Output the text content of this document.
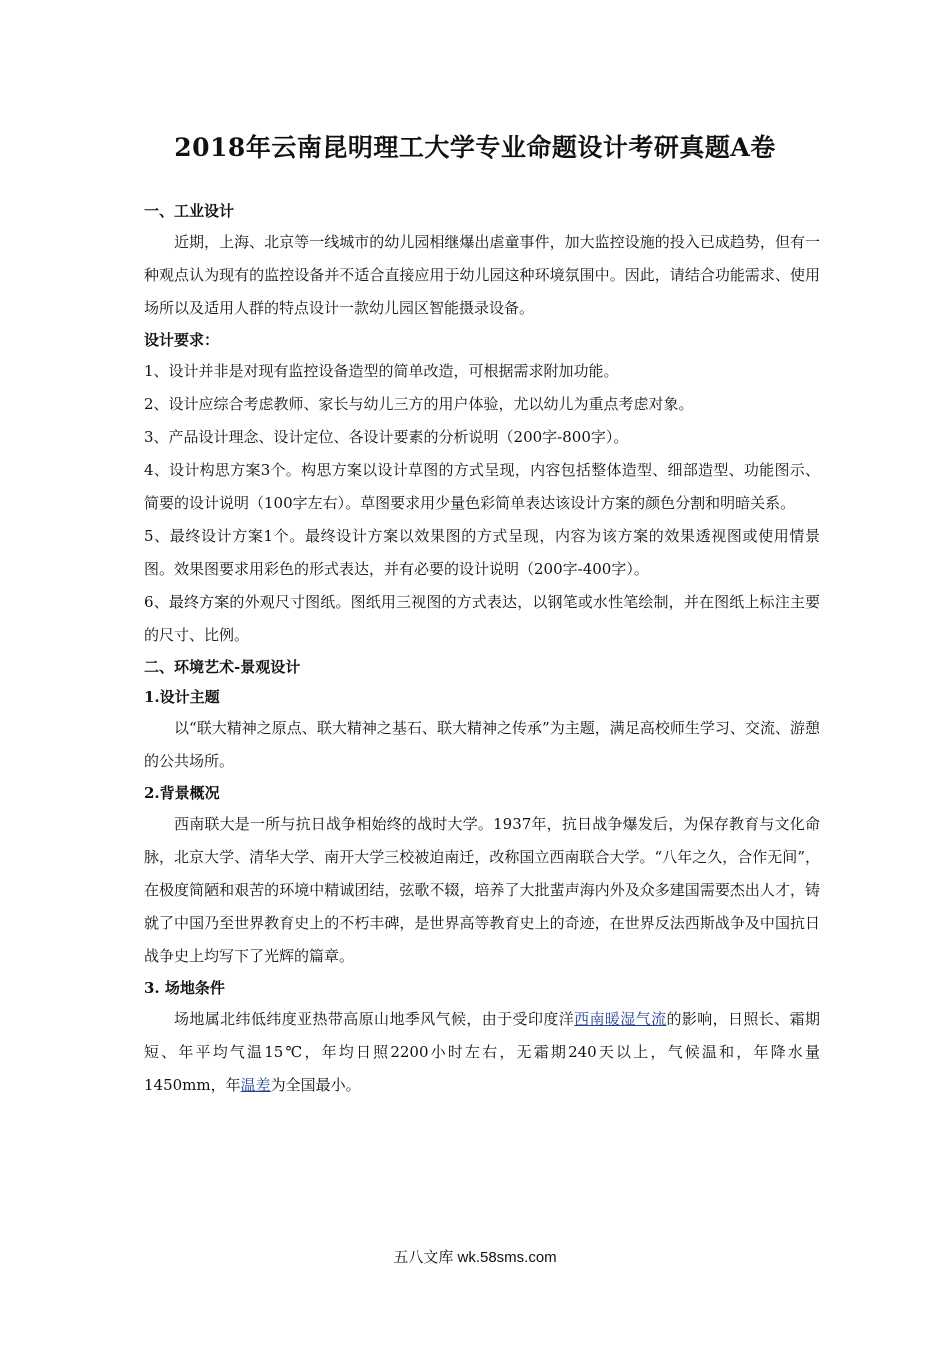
2018年云南昆明理工大学专业命题设计考研真题A卷

一、工业设计

近期，上海、北京等一线城市的幼儿园相继爆出虐童事件，加大监控设施的投入已成趋势，但有一种观点认为现有的监控设备并不适合直接应用于幼儿园这种环境氛围中。因此，请结合功能需求、使用场所以及适用人群的特点设计一款幼儿园区智能摄录设备。

设计要求：

1、设计并非是对现有监控设备造型的简单改造，可根据需求附加功能。

2、设计应综合考虑教师、家长与幼儿三方的用户体验，尤以幼儿为重点考虑对象。

3、产品设计理念、设计定位、各设计要素的分析说明（200字-800字）。

4、设计构思方案3个。构思方案以设计草图的方式呈现，内容包括整体造型、细部造型、功能图示、简要的设计说明（100字左右）。草图要求用少量色彩简单表达该设计方案的颜色分割和明暗关系。

5、最终设计方案1个。最终设计方案以效果图的方式呈现，内容为该方案的效果透视图或使用情景图。效果图要求用彩色的形式表达，并有必要的设计说明（200字-400字）。

6、最终方案的外观尺寸图纸。图纸用三视图的方式表达，以钢笔或水性笔绘制，并在图纸上标注主要的尺寸、比例。

二、环境艺术-景观设计

1.设计主题

以“联大精神之原点、联大精神之基石、联大精神之传承”为主题，满足高校师生学习、交流、游憩的公共场所。

2.背景概况

西南联大是一所与抗日战争相始终的战时大学。1937年，抗日战争爆发后，为保存教育与文化命脉，北京大学、清华大学、南开大学三校被迫南迁，改称国立西南联合大学。“八年之久，合作无间”，在极度简陋和艰苦的环境中精诚团结，弦歌不辍，培养了大批蜚声海内外及众多建国需要杰出人才，铸就了中国乃至世界教育史上的不朽丰碑，是世界高等教育史上的奇迹，在世界反法西斯战争及中国抗日战争史上均写下了光辉的篇章。

3. 场地条件

场地属北纬低纬度亚热带高原山地季风气候，由于受印度洋西南暖湿气流的影响，日照长、霜期短、年平均气温15℃，年均日照2200小时左右，无霜期240天以上，气候温和，年降水量1450mm，年温差为全国最小。

五八文库 wk.58sms.com
